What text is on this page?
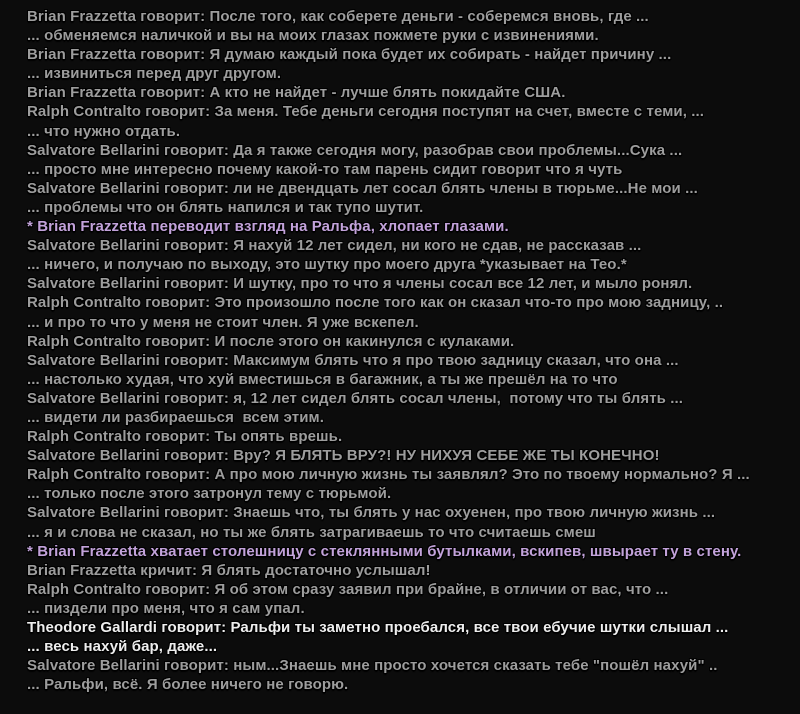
Brian Frazzetta говорит: После того, как соберете деньги - соберемся вновь, где ...
... обменяемся наличкой и вы на моих глазах пожмете руки с извинениями.
Brian Frazzetta говорит: Я думаю каждый пока будет их собирать - найдет причину ...
... извиниться перед друг другом.
Brian Frazzetta говорит: А кто не найдет - лучше блять покидайте США.
Ralph Contralto говорит: За меня. Тебе деньги сегодня поступят на счет, вместе с теми, ...
... что нужно отдать.
Salvatore Bellarini говорит: Да я также сегодня могу, разобрав свои проблемы...Сука ...
... просто мне интересно почему какой-то там парень сидит говорит что я чуть
Salvatore Bellarini говорит: ли не двендцать лет сосал блять члены в тюрьме...Не мои ...
... проблемы что он блять напился и так тупо шутит.
* Brian Frazzetta переводит взгляд на Ральфа, хлопает глазами.
Salvatore Bellarini говорит: Я нахуй 12 лет сидел, ни кого не сдав, не рассказав ...
... ничего, и получаю по выходу, это шутку про моего друга *указывает на Тео.*
Salvatore Bellarini говорит: И шутку, про то что я члены сосал все 12 лет, и мыло ронял.
Ralph Contralto говорит: Это произошло после того как он сказал что-то про мою задницу, ..
... и про то что у меня не стоит член. Я уже вскепел.
Ralph Contralto говорит: И после этого он какинулся с кулаками.
Salvatore Bellarini говорит: Максимум блять что я про твою задницу сказал, что она ...
... настолько худая, что хуй вместишься в багажник, а ты же прешёл на то что
Salvatore Bellarini говорит: я, 12 лет сидел блять сосал члены,  потому что ты блять ...
... видети ли разбираешься  всем этим.
Ralph Contralto говорит: Ты опять врешь.
Salvatore Bellarini говорит: Вру? Я БЛЯТЬ ВРУ?! НУ НИХУЯ СЕБЕ ЖЕ ТЫ КОНЕЧНО!
Ralph Contralto говорит: А про мою личную жизнь ты заявлял? Это по твоему нормально? Я ...
... только после этого затронул тему с тюрьмой.
Salvatore Bellarini говорит: Знаешь что, ты блять у нас охуенен, про твою личную жизнь ...
... я и слова не сказал, но ты же блять затрагиваешь то что считаешь смеш
* Brian Frazzetta хватает столешницу с стеклянными бутылками, вскипев, швырает ту в стену.
Brian Frazzetta кричит: Я блять достаточно услышал!
Ralph Contralto говорит: Я об этом сразу заявил при брайне, в отличии от вас, что ...
... пиздели про меня, что я сам упал.
Theodore Gallardi говорит: Ральфи ты заметно проебался, все твои ебучие шутки слышал ...
... весь нахуй бар, даже...
Salvatore Bellarini говорит: ным...Знаешь мне просто хочется сказать тебе "пошёл нахуй" ..
... Ральфи, всё. Я более ничего не говорю.
